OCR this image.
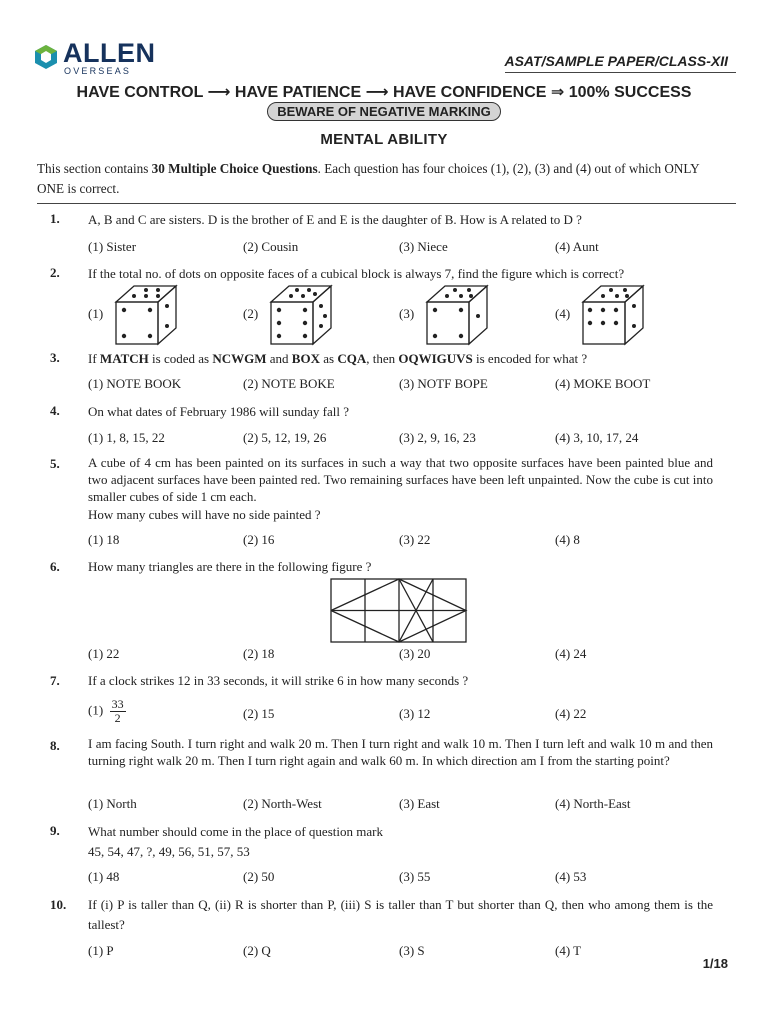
ALLEN
OVERSEAS
ASAT/SAMPLE PAPER/CLASS-XII
HAVE CONTROL ⟶ HAVE PATIENCE ⟶ HAVE CONFIDENCE ⇒ 100% SUCCESS
BEWARE OF NEGATIVE MARKING
MENTAL ABILITY
This section contains 30 Multiple Choice Questions. Each question has four choices (1), (2), (3) and (4) out of which ONLY ONE is correct.
1. A, B and C are sisters. D is the brother of E and E is the daughter of B. How is A related to D ?
(1) Sister	(2) Cousin	(3) Niece	(4) Aunt
2. If the total no. of dots on opposite faces of a cubical block is always 7, find the figure which is correct?
(1)	(2)	(3)	(4)
3. If MATCH is coded as NCWGM and BOX as CQA, then OQWIGUVS is encoded for what ?
(1) NOTE BOOK	(2) NOTE BOKE	(3) NOTF BOPE	(4) MOKE BOOT
4. On what dates of February 1986 will sunday fall ?
(1) 1, 8, 15, 22	(2) 5, 12, 19, 26	(3) 2, 9, 16, 23	(4) 3, 10, 17, 24
5. A cube of 4 cm has been painted on its surfaces in such a way that two opposite surfaces have been painted blue and two adjacent surfaces have been painted red. Two remaining surfaces have been left unpainted. Now the cube is cut into smaller cubes of side 1 cm each.
How many cubes will have no side painted ?
(1) 18	(2) 16	(3) 22	(4) 8
6. How many triangles are there in the following figure ?
(1) 22	(2) 18	(3) 20	(4) 24
7. If a clock strikes 12 in 33 seconds, it will strike 6 in how many seconds ?
$(1) \frac{33}{2}$	(2) 15	(3) 12	(4) 22
8. I am facing South. I turn right and walk 20 m. Then I turn right and walk 10 m. Then I turn left and walk 10 m and then turning right walk 20 m. Then I turn right again and walk 60 m. In which direction am I from the starting point?
(1) North	(2) North-West	(3) East	(4) North-East
9. What number should come in the place of question mark
45, 54, 47, ?, 49, 56, 51, 57, 53
(1) 48	(2) 50	(3) 55	(4) 53
10. If (i) P is taller than Q, (ii) R is shorter than P, (iii) S is taller than T but shorter than Q, then who among them is the tallest?
(1) P	(2) Q	(3) S	(4) T
1/18
